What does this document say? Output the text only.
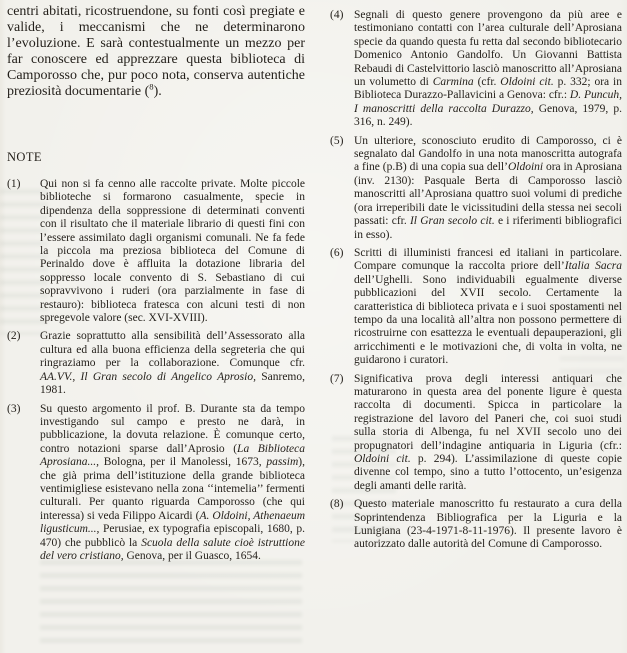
centri abitati, ricostruendone, su fonti così pregiate e valide, i meccanismi che ne determinarono l’evoluzione. E sarà contestualmente un mezzo per far conoscere ed apprezzare questa biblioteca di Camporosso che, pur poco nota, conserva autentiche preziosità documentarie ($^8$).

NOTE
(1)	Qui non si fa cenno alle raccolte private. Molte piccole biblioteche si formarono casualmente, specie in dipendenza della soppressione di determinati conventi con il risultato che il materiale librario di questi fini con l’essere assimilato dagli organismi comunali. Ne fa fede la piccola ma preziosa biblioteca del Comune di Perinaldo dove è affluita la dotazione libraria del soppresso locale convento di S. Sebastiano di cui sopravvivono i ruderi (ora parzialmente in fase di restauro): biblioteca fratesca con alcuni testi di non spregevole valore (sec. XVI-XVIII).
(2)	Grazie soprattutto alla sensibilità dell’Assessorato alla cultura ed alla buona efficienza della segreteria che qui ringraziamo per la collaborazione. Comunque cfr. AA.VV., Il Gran secolo di Angelico Aprosio, Sanremo, 1981.
(3)	Su questo argomento il prof. B. Durante sta da tempo investigando sul campo e presto ne darà, in pubblicazione, la dovuta relazione. È comunque certo, contro notazioni sparse dall’Aprosio (La Biblioteca Aprosiana..., Bologna, per il Manolessi, 1673, passim), che già prima dell’istituzione della grande biblioteca ventimigliese esistevano nella zona ‘‘intemelia’’ fermenti culturali. Per quanto riguarda Camporosso (che qui interessa) si veda Filippo Aicardi (A. Oldoini, Athenaeum ligusticum..., Perusiae, ex typografia episcopali, 1680, p. 470) che pubblicò la Scuola della salute cioè istruttione del vero cristiano, Genova, per il Guasco, 1654.
(4) Segnali di questo genere provengono da più aree e testimoniano contatti con l’area culturale dell’Aprosiana specie da quando questa fu retta dal secondo bibliotecario Domenico Antonio Gandolfo. Un Giovanni Battista Rebaudi di Castelvittorio lasciò manoscritto all’Aprosiana un volumetto di Carmina (cfr. Oldoini cit. p. 332; ora in Biblioteca Durazzo-Pallavicini a Genova: cfr.: D. Puncuh, I manoscritti della raccolta Durazzo, Genova, 1979, p. 316, n. 249).
(5) Un ulteriore, sconosciuto erudito di Camporosso, ci è segnalato dal Gandolfo in una nota manoscritta autografa a fine (p.B) di una copia sua dell’Oldoini ora in Aprosiana (inv. 2130): Pasquale Berta di Camporosso lasciò manoscritti all’Aprosiana quattro suoi volumi di prediche (ora irreperibili date le vicissitudini della stessa nei secoli passati: cfr. Il Gran secolo cit. e i riferimenti bibliografici in esso).
(6) Scritti di illuministi francesi ed italiani in particolare. Compare comunque la raccolta priore dell’Italia Sacra dell’Ughelli. Sono individuabili egualmente diverse pubblicazioni del XVII secolo. Certamente la caratteristica di biblioteca privata e i suoi spostamenti nel tempo da una località all’altra non possono permettere di ricostruirne con esattezza le eventuali depauperazioni, gli arricchimenti e le motivazioni che, di volta in volta, ne guidarono i curatori.
(7) Significativa prova degli interessi antiquari che maturarono in questa area del ponente ligure è questa raccolta di documenti. Spicca in particolare la registrazione del lavoro del Paneri che, coi suoi studi sulla storia di Albenga, fu nel XVII secolo uno dei propugnatori dell’indagine antiquaria in Liguria (cfr.: Oldoini cit. p. 294). L’assimilazione di queste copie divenne col tempo, sino a tutto l’ottocento, un’esigenza degli amanti delle rarità.
(8) Questo materiale manoscritto fu restaurato a cura della Soprintendenza Bibliografica per la Liguria e la Lunigiana (23-4-1971-8-11-1976). Il presente lavoro è autorizzato dalle autorità del Comune di Camporosso.
